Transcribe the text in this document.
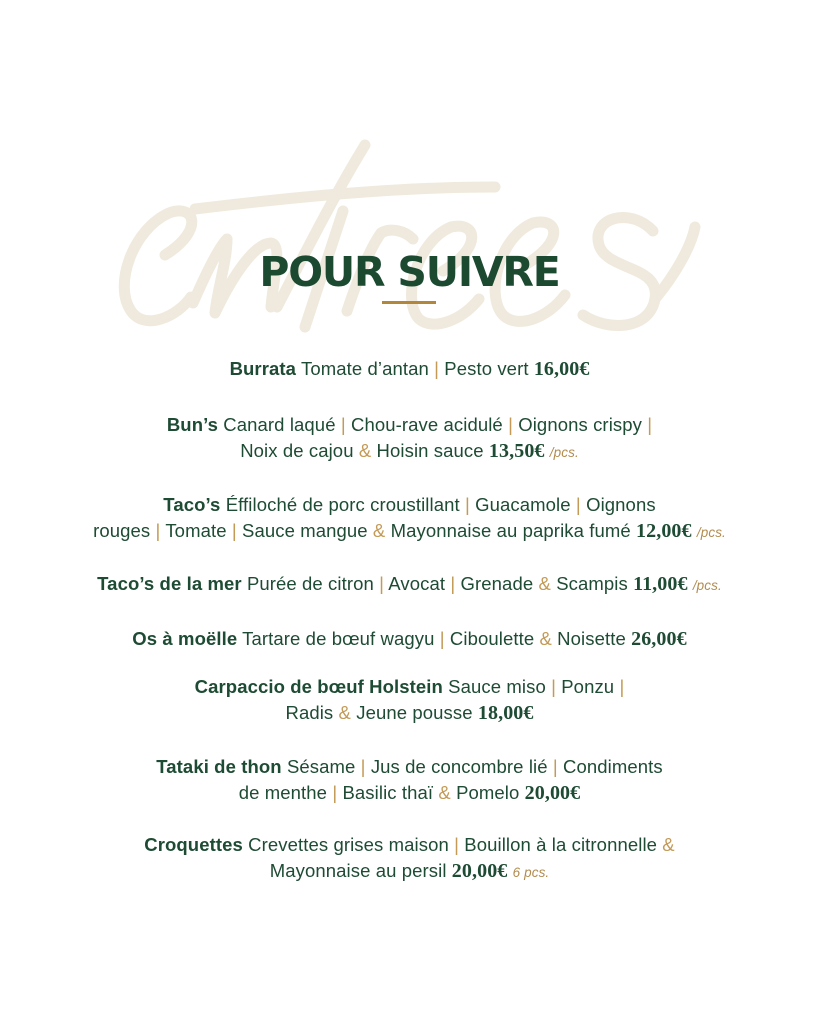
POUR SUIVRE
Burrata Tomate d’antan | Pesto vert 16,00€
Bun’s Canard laqué | Chou-rave acidulé | Oignons crispy |
Noix de cajou & Hoisin sauce 13,50€ /pcs.
Taco’s Éffiloché de porc croustillant | Guacamole | Oignons
rouges | Tomate | Sauce mangue & Mayonnaise au paprika fumé 12,00€ /pcs.
Taco’s de la mer Purée de citron | Avocat | Grenade & Scampis 11,00€ /pcs.
Os à moëlle Tartare de bœuf wagyu | Ciboulette & Noisette 26,00€
Carpaccio de bœuf Holstein Sauce miso | Ponzu |
Radis & Jeune pousse 18,00€
Tataki de thon Sésame | Jus de concombre lié | Condiments
de menthe | Basilic thaï & Pomelo 20,00€
Croquettes Crevettes grises maison | Bouillon à la citronnelle &
Mayonnaise au persil 20,00€ 6 pcs.
